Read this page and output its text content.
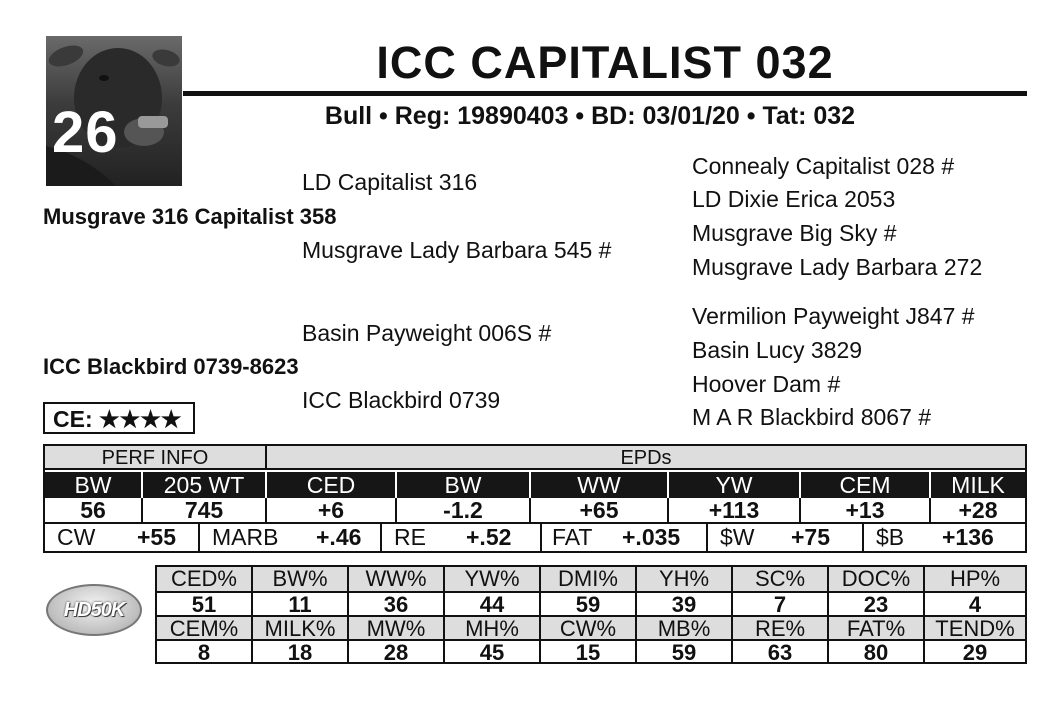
26
ICC CAPITALIST 032
Bull • Reg: 19890403 • BD: 03/01/20 • Tat: 032
LD Capitalist 316
Musgrave 316 Capitalist 358
Musgrave Lady Barbara 545 #
Connealy Capitalist 028 #
LD Dixie Erica 2053
Musgrave Big Sky #
Musgrave Lady Barbara 272
Basin Payweight 006S #
ICC Blackbird 0739-8623
ICC Blackbird 0739
Vermilion Payweight J847 #
Basin Lucy 3829
Hoover Dam #
M A R Blackbird 8067 #
CE: ★★★★
PERF INFO	EPDs
BW	205 WT	CED	BW	WW	YW	CEM	MILK
56	745	+6	-1.2	+65	+113	+13	+28
CW	+55	MARB	+.46	RE	+.52	FAT	+.035	$W	+75	$B	+136
HD50K
CED%	BW%	WW%	YW%	DMI%	YH%	SC%	DOC%	HP%
51	11	36	44	59	39	7	23	4
CEM%	MILK%	MW%	MH%	CW%	MB%	RE%	FAT%	TEND%
8	18	28	45	15	59	63	80	29
